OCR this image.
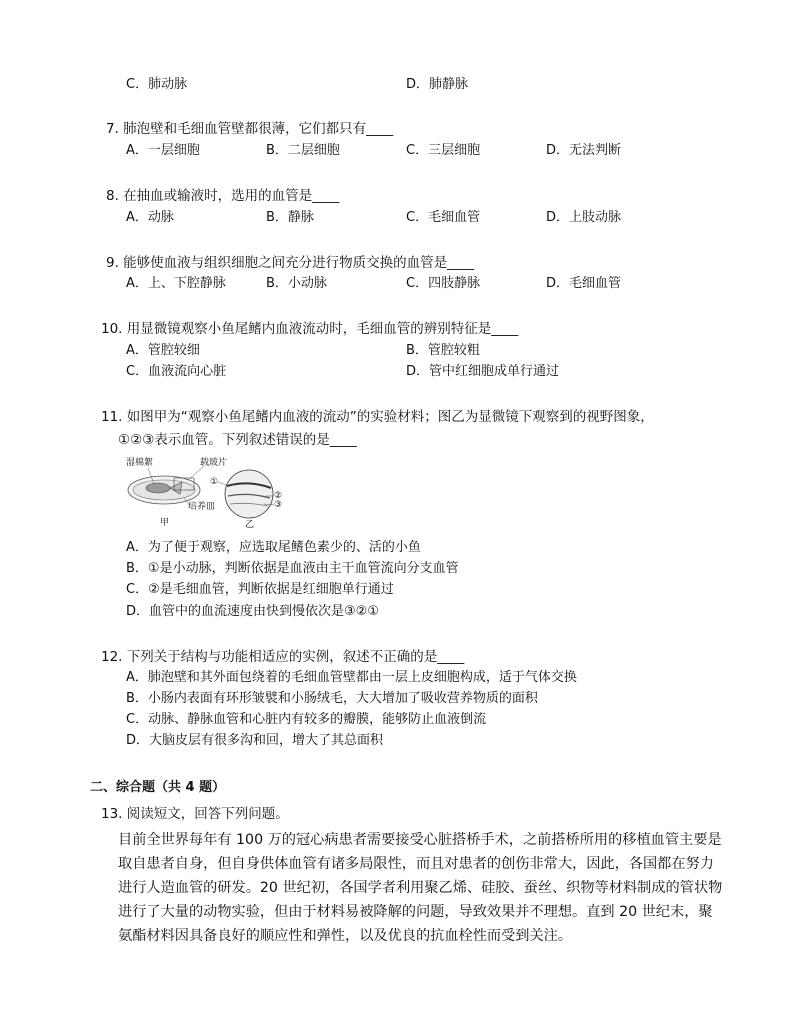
C．肺动脉	D．肺静脉
7. 肺泡壁和毛细血管壁都很薄，它们都只有____
A．一层细胞	B．二层细胞	C．三层细胞	D．无法判断
8. 在抽血或输液时，选用的血管是____
A．动脉	B．静脉	C．毛细血管	D．上肢动脉
9. 能够使血液与组织细胞之间充分进行物质交换的血管是____
A．上、下腔静脉	B．小动脉	C．四肢静脉	D．毛细血管
10. 用显微镜观察小鱼尾鳍内血液流动时，毛细血管的辨别特征是____
A．管腔较细	B．管腔较粗
C．血液流向心脏	D．管中红细胞成单行通过
11. 如图甲为“观察小鱼尾鳍内血液的流动”的实验材料；图乙为显微镜下观察到的视野图象，
①②③表示血管。下列叙述错误的是____
湿棉絮	载玻片
培养皿
甲	乙
①
②
③
A．为了便于观察，应选取尾鳍色素少的、活的小鱼
B．①是小动脉，判断依据是血液由主干血管流向分支血管
C．②是毛细血管，判断依据是红细胞单行通过
D．血管中的血流速度由快到慢依次是③②①
12. 下列关于结构与功能相适应的实例，叙述不正确的是____
A．肺泡壁和其外面包绕着的毛细血管壁都由一层上皮细胞构成，适于气体交换
B．小肠内表面有环形皱襞和小肠绒毛，大大增加了吸收营养物质的面积
C．动脉、静脉血管和心脏内有较多的瓣膜，能够防止血液倒流
D．大脑皮层有很多沟和回，增大了其总面积
二、综合题（共 4 题）
13. 阅读短文，回答下列问题。
目前全世界每年有 100 万的冠心病患者需要接受心脏搭桥手术，之前搭桥所用的移植血管主要是
取自患者自身，但自身供体血管有诸多局限性，而且对患者的创伤非常大，因此，各国都在努力
进行人造血管的研发。20 世纪初，各国学者利用聚乙烯、硅胶、蚕丝、织物等材料制成的管状物
进行了大量的动物实验，但由于材料易被降解的问题，导致效果并不理想。直到 20 世纪末，聚
氨酯材料因具备良好的顺应性和弹性，以及优良的抗血栓性而受到关注。
